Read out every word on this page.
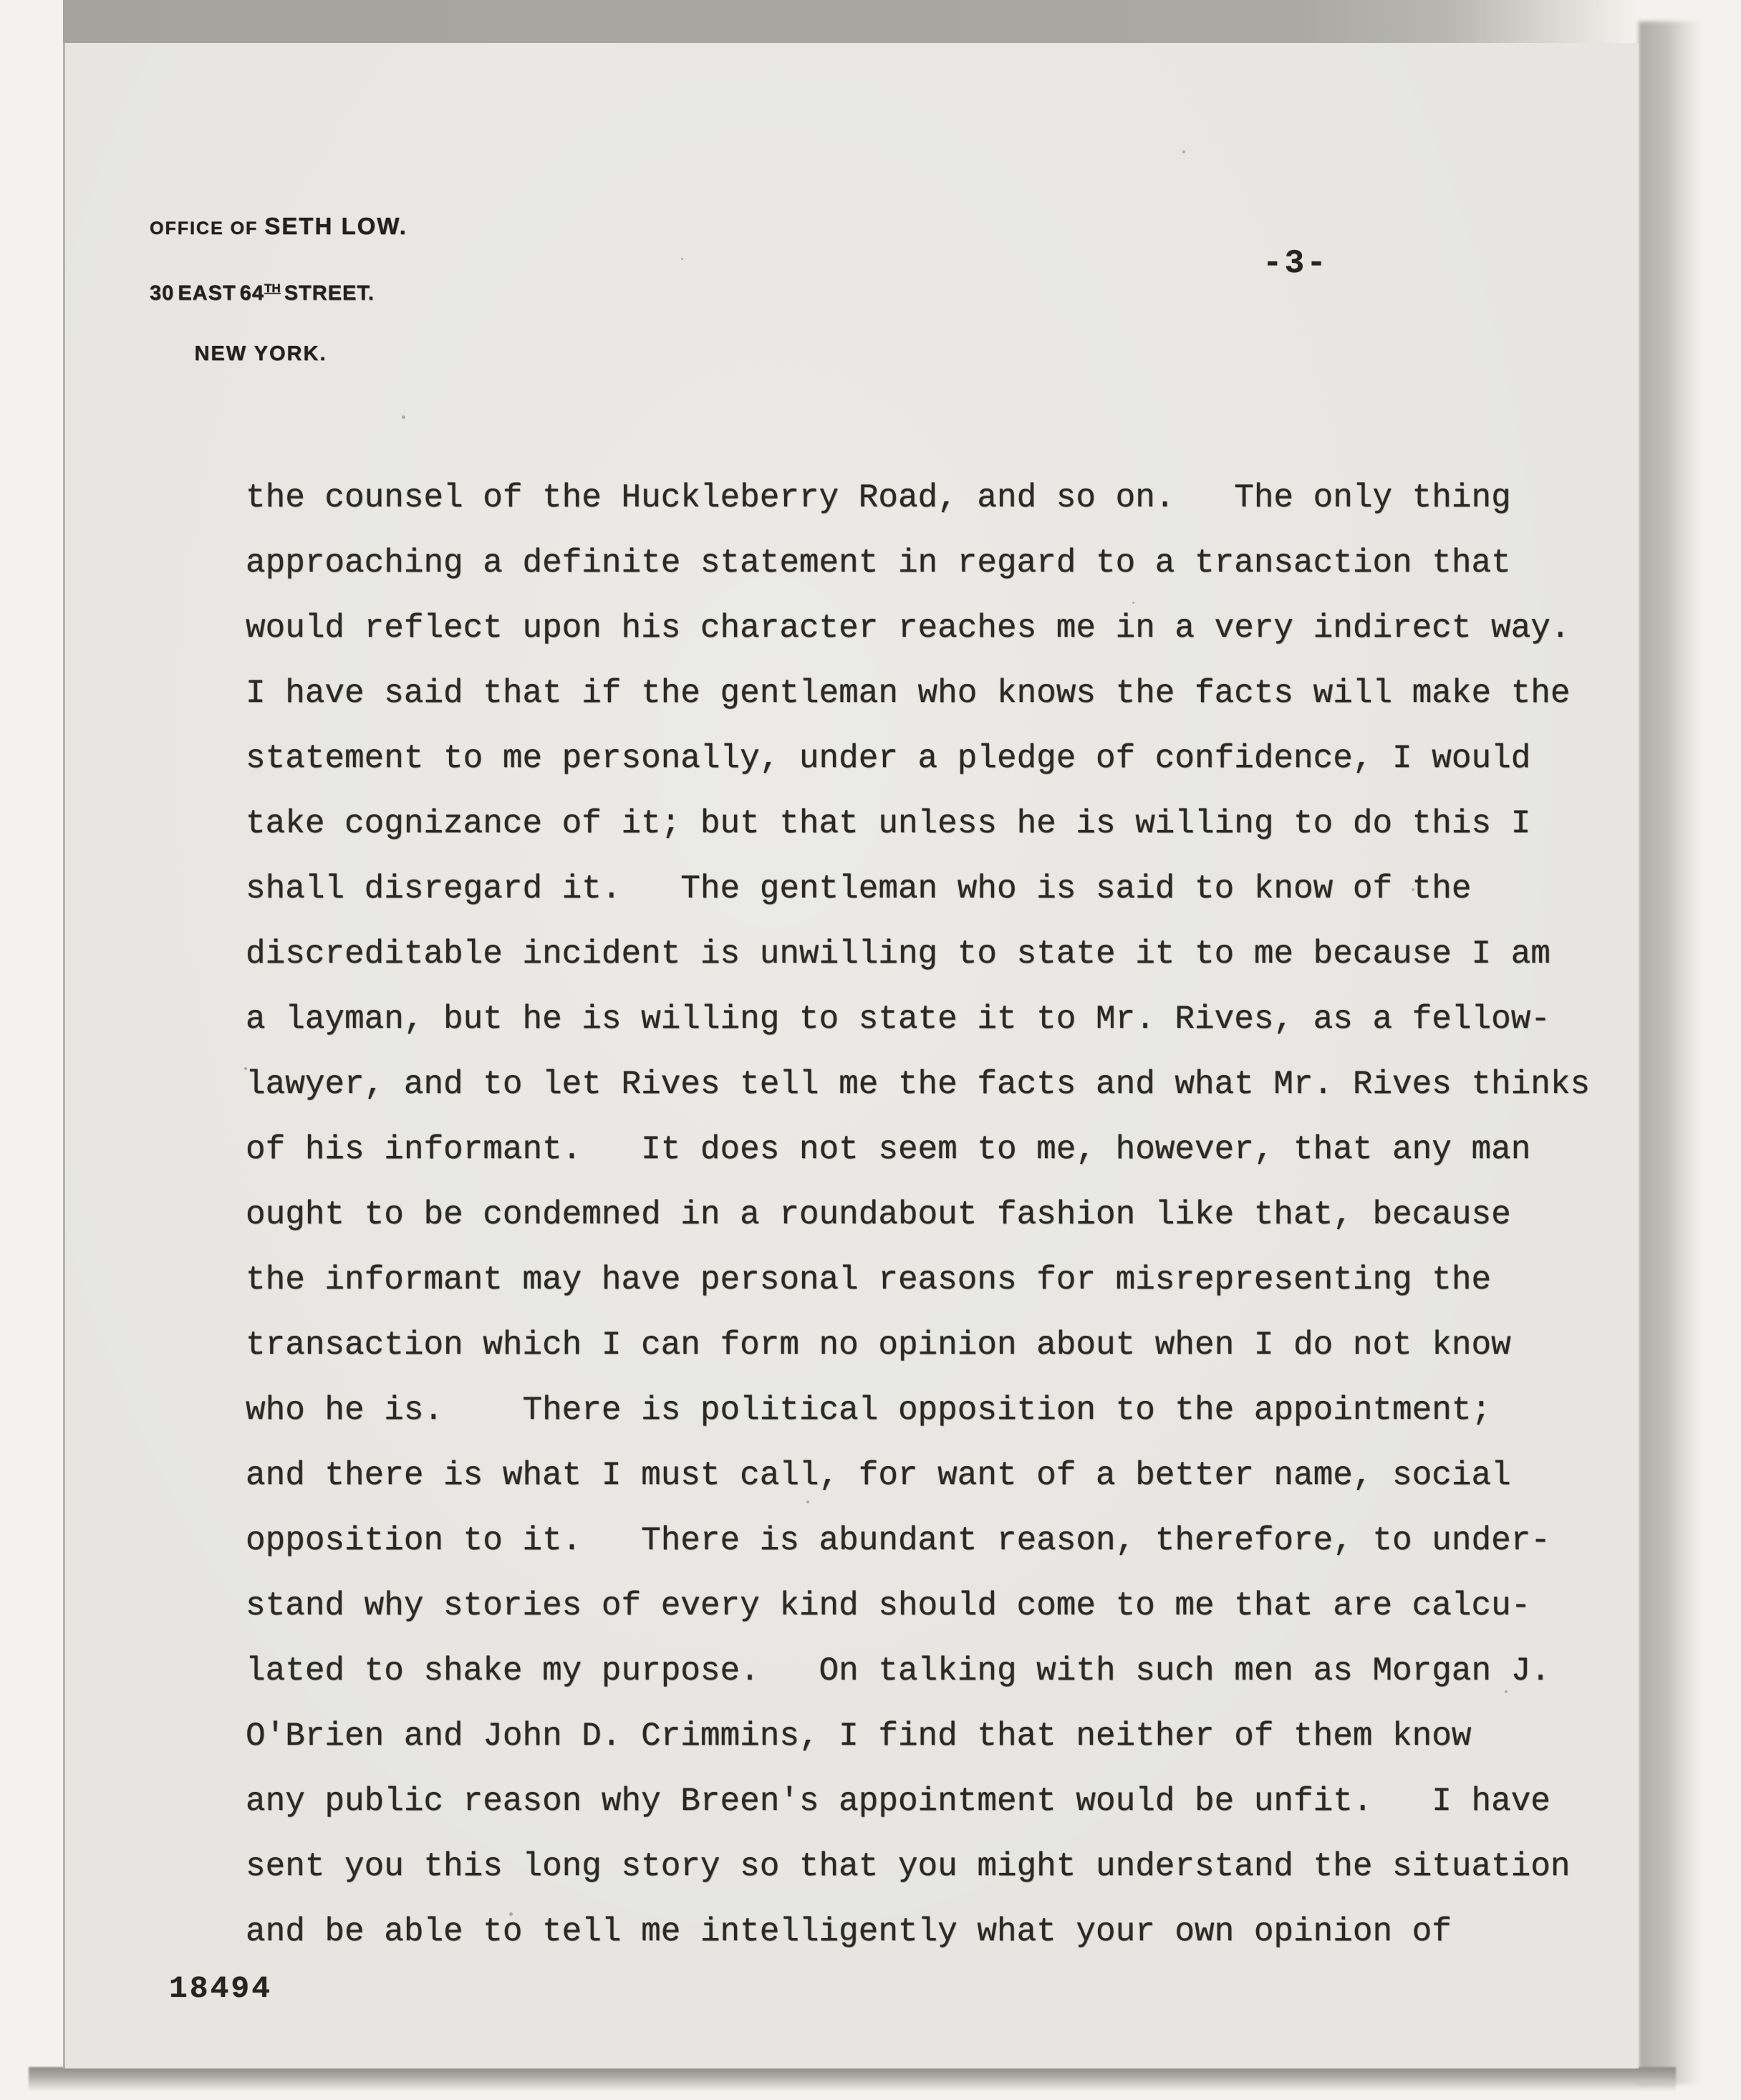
OFFICE OF SETH LOW.

30 EAST 64TH STREET.

NEW YORK.

-3-
the counsel of the Huckleberry Road, and so on.   The only thing
approaching a definite statement in regard to a transaction that
would reflect upon his character reaches me in a very indirect way.
I have said that if the gentleman who knows the facts will make the
statement to me personally, under a pledge of confidence, I would
take cognizance of it; but that unless he is willing to do this I
shall disregard it.   The gentleman who is said to know of the
discreditable incident is unwilling to state it to me because I am
a layman, but he is willing to state it to Mr. Rives, as a fellow-
lawyer, and to let Rives tell me the facts and what Mr. Rives thinks
of his informant.   It does not seem to me, however, that any man
ought to be condemned in a roundabout fashion like that, because
the informant may have personal reasons for misrepresenting the
transaction which I can form no opinion about when I do not know
who he is.    There is political opposition to the appointment;
and there is what I must call, for want of a better name, social
opposition to it.   There is abundant reason, therefore, to under-
stand why stories of every kind should come to me that are calcu-
lated to shake my purpose.   On talking with such men as Morgan J.
O'Brien and John D. Crimmins, I find that neither of them know
any public reason why Breen's appointment would be unfit.   I have
sent you this long story so that you might understand the situation
and be able to tell me intelligently what your own opinion of
18494
